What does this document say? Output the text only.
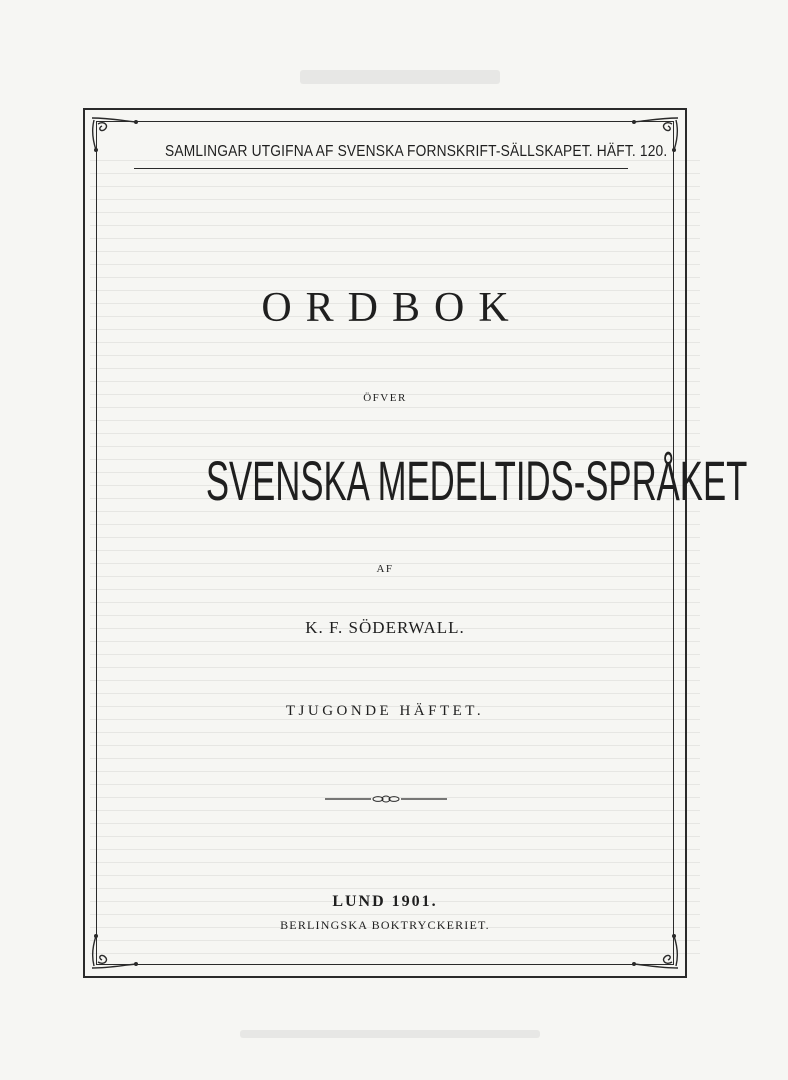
SAMLINGAR UTGIFNA AF SVENSKA FORNSKRIFT-SÄLLSKAPET. HÄFT. 120.
ORDBOK
ÖFVER
SVENSKA MEDELTIDS-SPRÅKET
AF
K. F. SÖDERWALL.
TJUGONDE HÄFTET.
LUND 1901.
BERLINGSKA BOKTRYCKERIET.
